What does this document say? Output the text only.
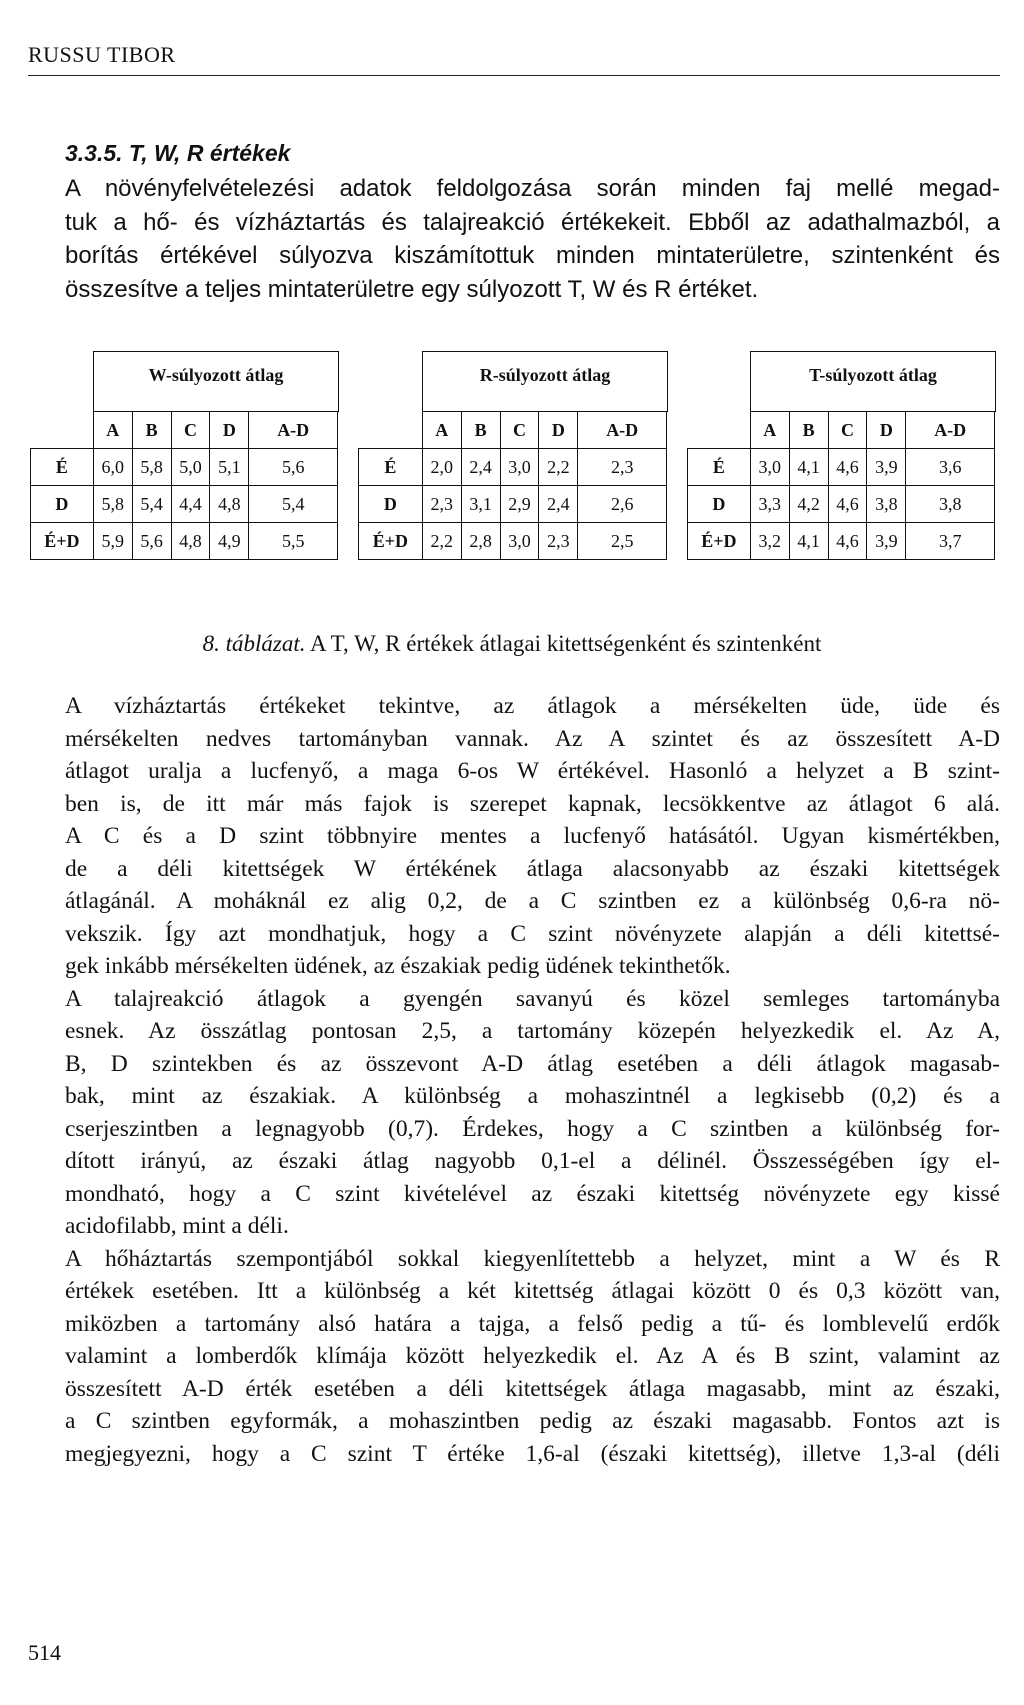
RUSSU TIBOR
3.3.5. T, W, R értékek
A növényfelvételezési adatok feldolgozása során minden faj mellé megad-
tuk a hő- és vízháztartás és talajreakció értékekeit. Ebből az adathalmazból, a
borítás értékével súlyozva kiszámítottuk minden mintaterületre, szintenként és
összesítve a teljes mintaterületre egy súlyozott T, W és R értéket.
W-súlyozott átlag
	A	B	C	D	A-D
É	6,0	5,8	5,0	5,1	5,6
D	5,8	5,4	4,4	4,8	5,4
É+D	5,9	5,6	4,8	4,9	5,5
R-súlyozott átlag
	A	B	C	D	A-D
É	2,0	2,4	3,0	2,2	2,3
D	2,3	3,1	2,9	2,4	2,6
É+D	2,2	2,8	3,0	2,3	2,5
T-súlyozott átlag
	A	B	C	D	A-D
É	3,0	4,1	4,6	3,9	3,6
D	3,3	4,2	4,6	3,8	3,8
É+D	3,2	4,1	4,6	3,9	3,7
8. táblázat. A T, W, R értékek átlagai kitettségenként és szintenként
A vízháztartás értékeket tekintve, az átlagok a mérsékelten üde, üde és
mérsékelten nedves tartományban vannak. Az A szintet és az összesített A-D
átlagot uralja a lucfenyő, a maga 6-os W értékével. Hasonló a helyzet a B szint-
ben is, de itt már más fajok is szerepet kapnak, lecsökkentve az átlagot 6 alá.
A C és a D szint többnyire mentes a lucfenyő hatásától. Ugyan kismértékben,
de a déli kitettségek W értékének átlaga alacsonyabb az északi kitettségek
átlagánál. A moháknál ez alig 0,2, de a C szintben ez a különbség 0,6-ra nö-
vekszik. Így azt mondhatjuk, hogy a C szint növényzete alapján a déli kitettsé-
gek inkább mérsékelten üdének, az északiak pedig üdének tekinthetők.
A talajreakció átlagok a gyengén savanyú és közel semleges tartományba
esnek. Az összátlag pontosan 2,5, a tartomány közepén helyezkedik el. Az A,
B, D szintekben és az összevont A-D átlag esetében a déli átlagok magasab-
bak, mint az északiak. A különbség a mohaszintnél a legkisebb (0,2) és a
cserjeszintben a legnagyobb (0,7). Érdekes, hogy a C szintben a különbség for-
dított irányú, az északi átlag nagyobb 0,1-el a délinél. Összességében így el-
mondható, hogy a C szint kivételével az északi kitettség növényzete egy kissé
acidofilabb, mint a déli.
A hőháztartás szempontjából sokkal kiegyenlítettebb a helyzet, mint a W és R
értékek esetében. Itt a különbség a két kitettség átlagai között 0 és 0,3 között van,
miközben a tartomány alsó határa a tajga, a felső pedig a tű- és lomblevelű erdők
valamint a lomberdők klímája között helyezkedik el. Az A és B szint, valamint az
összesített A-D érték esetében a déli kitettségek átlaga magasabb, mint az északi,
a C szintben egyformák, a mohaszintben pedig az északi magasabb. Fontos azt is
megjegyezni, hogy a C szint T értéke 1,6-al (északi kitettség), illetve 1,3-al (déli
514
